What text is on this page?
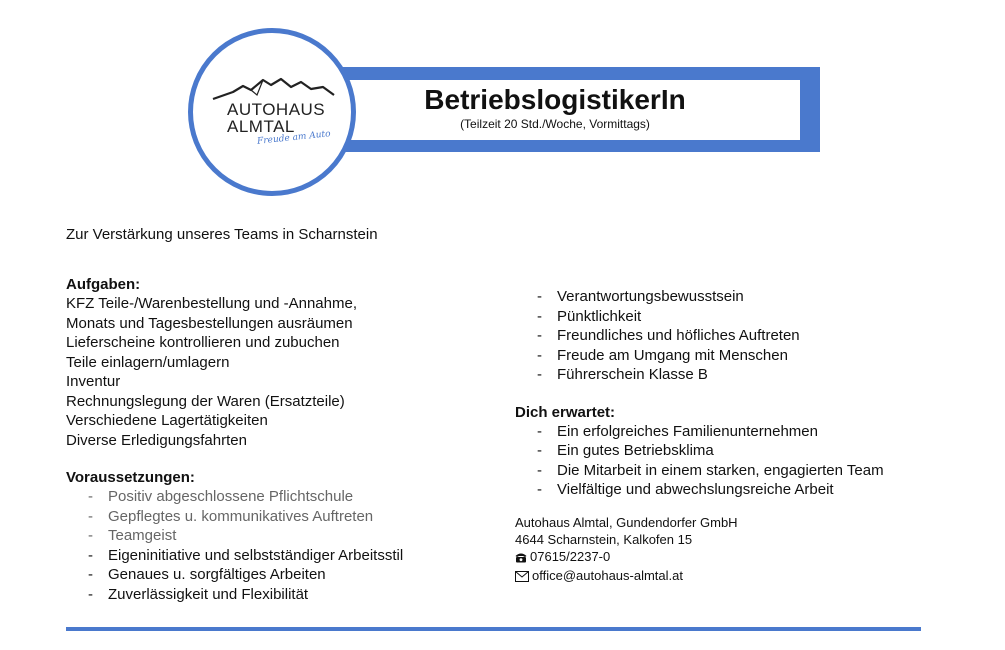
BetriebslogistikerIn
(Teilzeit 20 Std./Woche, Vormittags)
AUTOHAUS
ALMTAL
Freude am Auto
Zur Verstärkung unseres Teams in Scharnstein
Aufgaben:
KFZ Teile-/Warenbestellung und -Annahme,
Monats und Tagesbestellungen ausräumen
Lieferscheine kontrollieren und zubuchen
Teile einlagern/umlagern
Inventur
Rechnungslegung der Waren (Ersatzteile)
Verschiedene Lagertätigkeiten
Diverse Erledigungsfahrten
Voraussetzungen:
- Positiv abgeschlossene Pflichtschule
- Gepflegtes u. kommunikatives Auftreten
- Teamgeist
- Eigeninitiative und selbstständiger Arbeitsstil
- Genaues u. sorgfältiges Arbeiten
- Zuverlässigkeit und Flexibilität
- Verantwortungsbewusstsein
- Pünktlichkeit
- Freundliches und höfliches Auftreten
- Freude am Umgang mit Menschen
- Führerschein Klasse B
Dich erwartet:
- Ein erfolgreiches Familienunternehmen
- Ein gutes Betriebsklima
- Die Mitarbeit in einem starken, engagierten Team
- Vielfältige und abwechslungsreiche Arbeit
Autohaus Almtal, Gundendorfer GmbH
4644 Scharnstein, Kalkofen 15
07615/2237-0
office@autohaus-almtal.at
